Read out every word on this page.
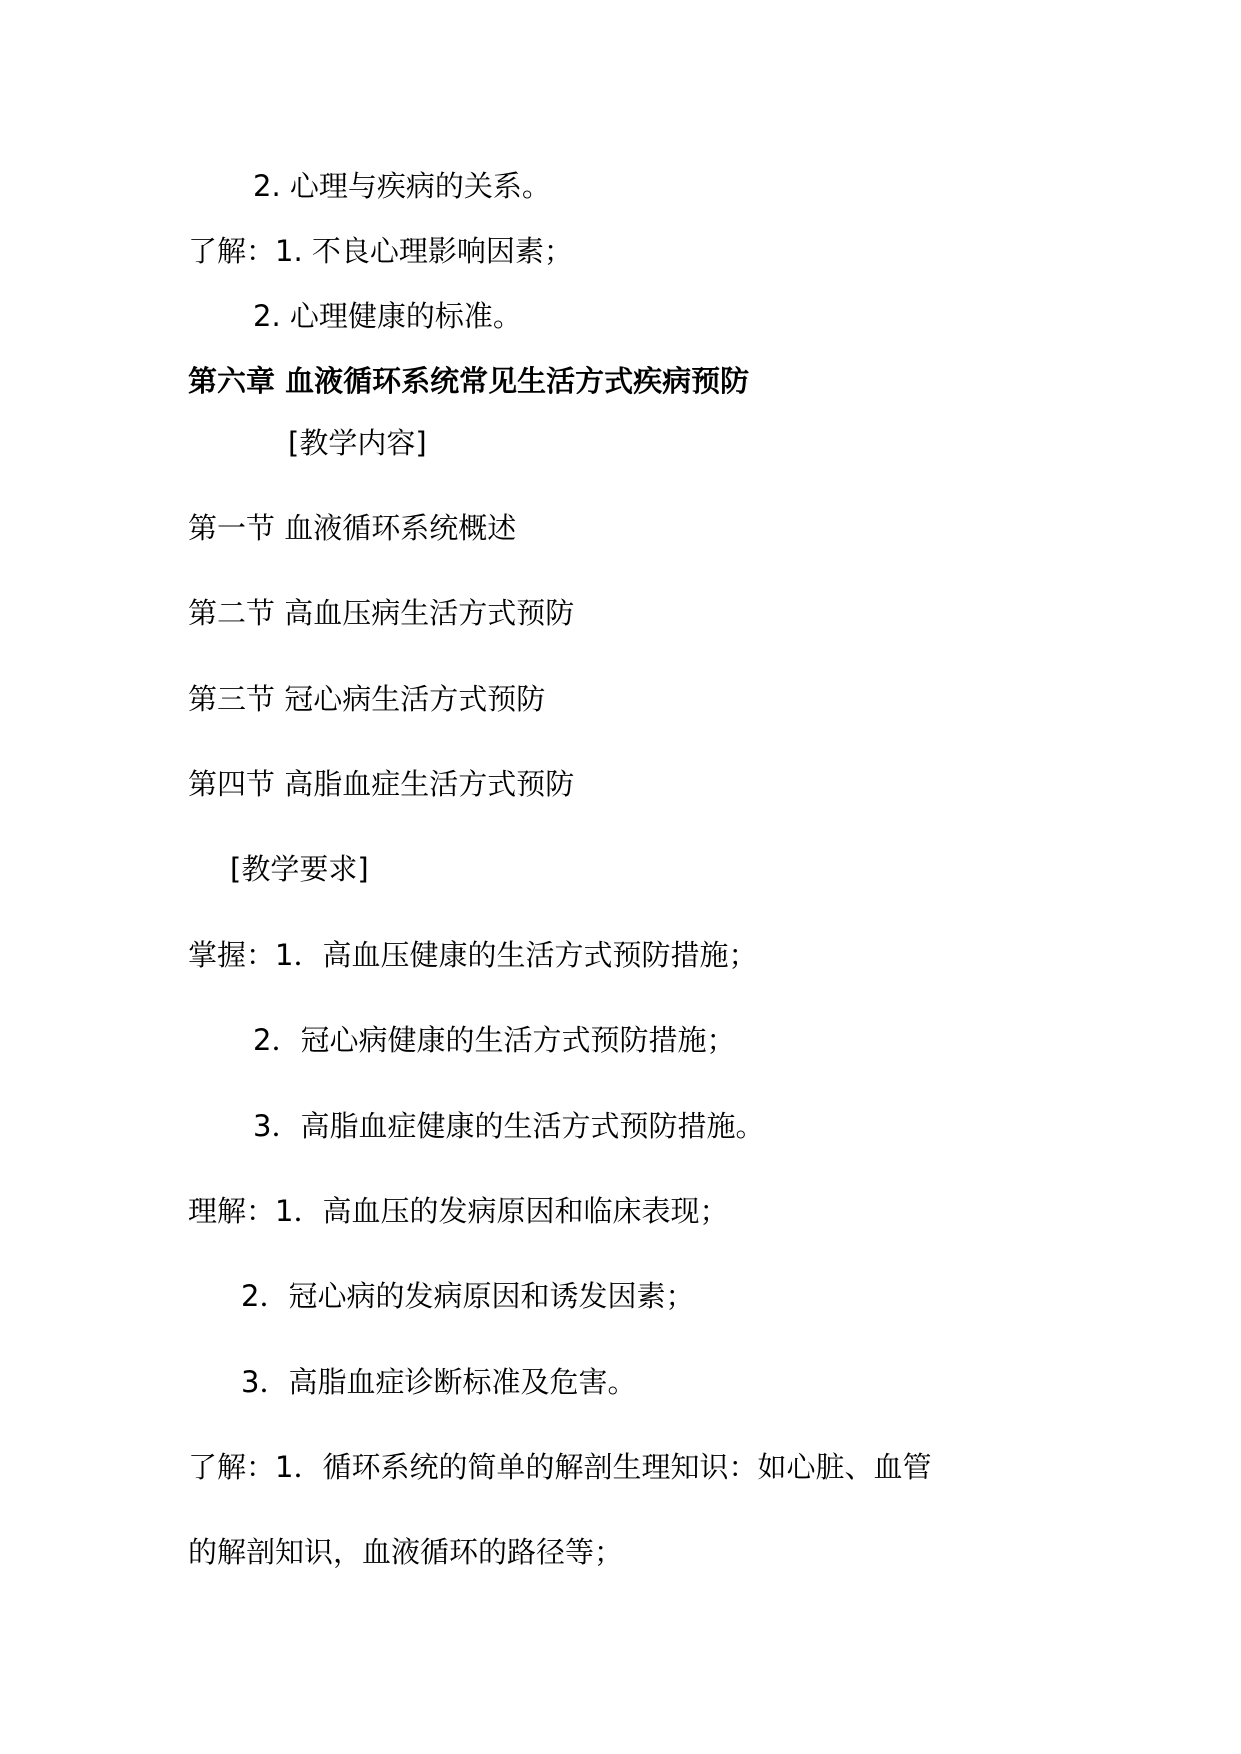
2. 心理与疾病的关系。
了解：1. 不良心理影响因素；
2. 心理健康的标准。
第六章 血液循环系统常见生活方式疾病预防
[教学内容]
第一节 血液循环系统概述
第二节 高血压病生活方式预防
第三节 冠心病生活方式预防
第四节 高脂血症生活方式预防
[教学要求]
掌握：1．高血压健康的生活方式预防措施；
2．冠心病健康的生活方式预防措施；
3．高脂血症健康的生活方式预防措施。
理解：1．高血压的发病原因和临床表现；
2．冠心病的发病原因和诱发因素；
3．高脂血症诊断标准及危害。
了解：1．循环系统的简单的解剖生理知识：如心脏、血管
的解剖知识，血液循环的路径等；
